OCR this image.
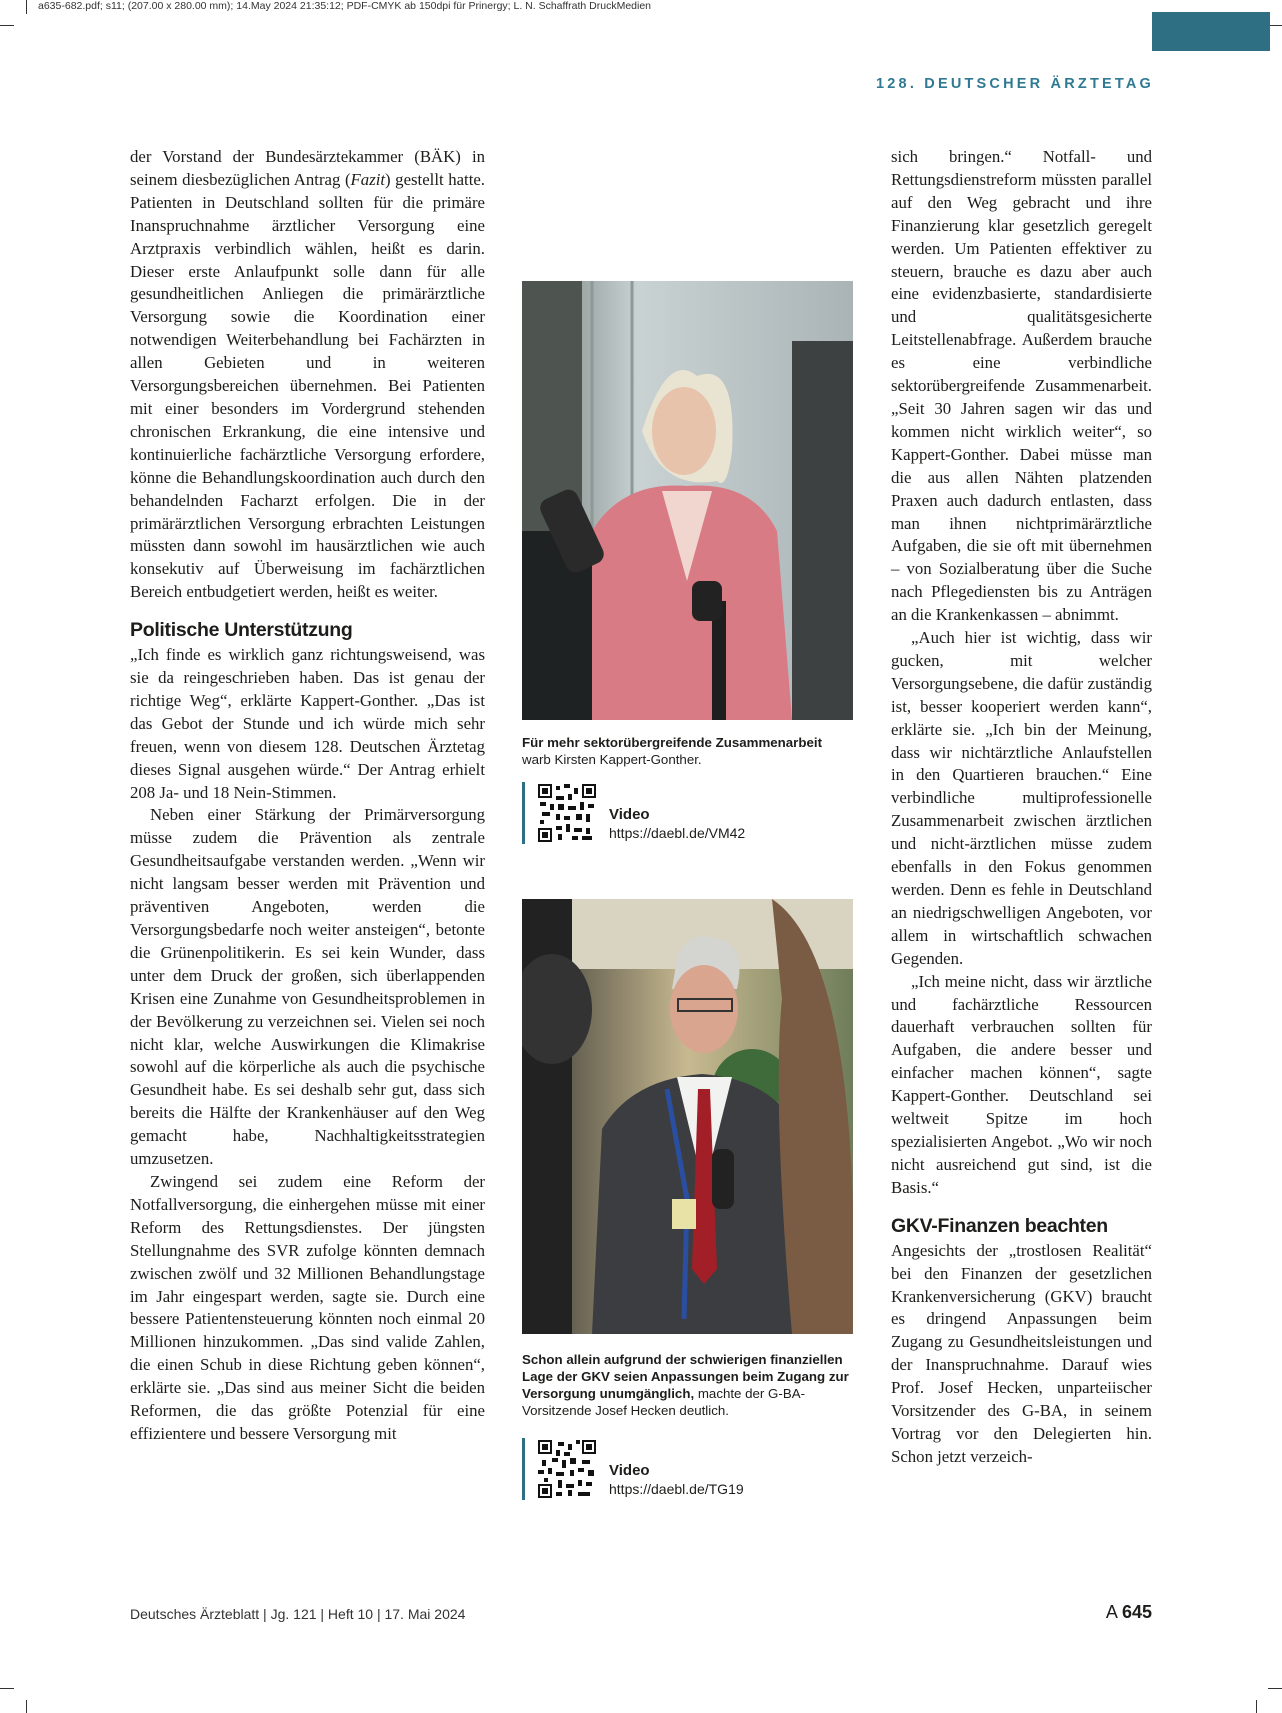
a635-682.pdf; s11; (207.00 x 280.00 mm); 14.May 2024 21:35:12; PDF-CMYK ab 150dpi für Prinergy; L. N. Schaffrath DruckMedien
128. DEUTSCHER ÄRZTETAG

der Vorstand der Bundesärztekammer (BÄK) in seinem diesbezüglichen Antrag (Fazit) gestellt hatte. Patienten in Deutschland sollten für die primäre Inanspruchnahme ärztlicher Versorgung eine Arztpraxis verbindlich wählen, heißt es darin. Dieser erste Anlaufpunkt solle dann für alle gesundheitlichen Anliegen die primärärztliche Versorgung sowie die Koordination einer notwendigen Weiterbehandlung bei Fachärzten in allen Gebieten und in weiteren Versorgungsbereichen übernehmen. Bei Patienten mit einer besonders im Vordergrund stehenden chronischen Erkrankung, die eine intensive und kontinuierliche fachärztliche Versorgung erfordere, könne die Behandlungskoordination auch durch den behandelnden Facharzt erfolgen. Die in der primärärztlichen Versorgung erbrachten Leistungen müssten dann sowohl im hausärztlichen wie auch konsekutiv auf Überweisung im fachärztlichen Bereich entbudgetiert werden, heißt es weiter.

Politische Unterstützung

„Ich finde es wirklich ganz richtungsweisend, was sie da reingeschrieben haben. Das ist genau der richtige Weg“, erklärte Kappert-Gonther. „Das ist das Gebot der Stunde und ich würde mich sehr freuen, wenn von diesem 128. Deutschen Ärztetag dieses Signal ausgehen würde.“ Der Antrag erhielt 208 Ja- und 18 Nein-Stimmen.

Neben einer Stärkung der Primärversorgung müsse zudem die Prävention als zentrale Gesundheitsaufgabe verstanden werden. „Wenn wir nicht langsam besser werden mit Prävention und präventiven Angeboten, werden die Versorgungsbedarfe noch weiter ansteigen“, betonte die Grünenpolitikerin. Es sei kein Wunder, dass unter dem Druck der großen, sich überlappenden Krisen eine Zunahme von Gesundheitsproblemen in der Bevölkerung zu verzeichnen sei. Vielen sei noch nicht klar, welche Auswirkungen die Klimakrise sowohl auf die körperliche als auch die psychische Gesundheit habe. Es sei deshalb sehr gut, dass sich bereits die Hälfte der Krankenhäuser auf den Weg gemacht habe, Nachhaltigkeitsstrategien umzusetzen.

Zwingend sei zudem eine Reform der Notfallversorgung, die einhergehen müsse mit einer Reform des Rettungsdienstes. Der jüngsten Stellungnahme des SVR zufolge könnten demnach zwischen zwölf und 32 Millionen Behandlungstage im Jahr eingespart werden, sagte sie. Durch eine bessere Patientensteuerung könnten noch einmal 20 Millionen hinzukommen. „Das sind valide Zahlen, die einen Schub in diese Richtung geben können“, erklärte sie. „Das sind aus meiner Sicht die beiden Reformen, die das größte Potenzial für eine effizientere und bessere Versorgung mit

Für mehr sektorübergreifende Zusammenarbeit
warb Kirsten Kappert-Gonther.
Video
https://daebl.de/VM42
Schon allein aufgrund der schwierigen finanziellen Lage der GKV seien Anpassungen beim Zugang zur Versorgung unumgänglich, machte der G-BA-Vorsitzende Josef Hecken deutlich.
Video
https://daebl.de/TG19

sich bringen.“ Notfall- und Rettungsdienstreform müssten parallel auf den Weg gebracht und ihre Finanzierung klar gesetzlich geregelt werden. Um Patienten effektiver zu steuern, brauche es dazu aber auch eine evidenzbasierte, standardisierte und qualitätsgesicherte Leitstellenabfrage. Außerdem brauche es eine verbindliche sektorübergreifende Zusammenarbeit. „Seit 30 Jahren sagen wir das und kommen nicht wirklich weiter“, so Kappert-Gonther. Dabei müsse man die aus allen Nähten platzenden Praxen auch dadurch entlasten, dass man ihnen nichtprimärärztliche Aufgaben, die sie oft mit übernehmen – von Sozialberatung über die Suche nach Pflegediensten bis zu Anträgen an die Krankenkassen – abnimmt.

„Auch hier ist wichtig, dass wir gucken, mit welcher Versorgungsebene, die dafür zuständig ist, besser kooperiert werden kann“, erklärte sie. „Ich bin der Meinung, dass wir nichtärztliche Anlaufstellen in den Quartieren brauchen.“ Eine verbindliche multiprofessionelle Zusammenarbeit zwischen ärztlichen und nicht-ärztlichen müsse zudem ebenfalls in den Fokus genommen werden. Denn es fehle in Deutschland an niedrigschwelligen Angeboten, vor allem in wirtschaftlich schwachen Gegenden.

„Ich meine nicht, dass wir ärztliche und fachärztliche Ressourcen dauerhaft verbrauchen sollten für Aufgaben, die andere besser und einfacher machen können“, sagte Kappert-Gonther. Deutschland sei weltweit Spitze im hoch spezialisierten Angebot. „Wo wir noch nicht ausreichend gut sind, ist die Basis.“

GKV-Finanzen beachten

Angesichts der „trostlosen Realität“ bei den Finanzen der gesetzlichen Krankenversicherung (GKV) braucht es dringend Anpassungen beim Zugang zu Gesundheitsleistungen und der Inanspruchnahme. Darauf wies Prof. Josef Hecken, unparteiischer Vorsitzender des G-BA, in seinem Vortrag vor den Delegierten hin. Schon jetzt verzeich-

Deutsches Ärzteblatt | Jg. 121 | Heft 10 | 17. Mai 2024	A 645
